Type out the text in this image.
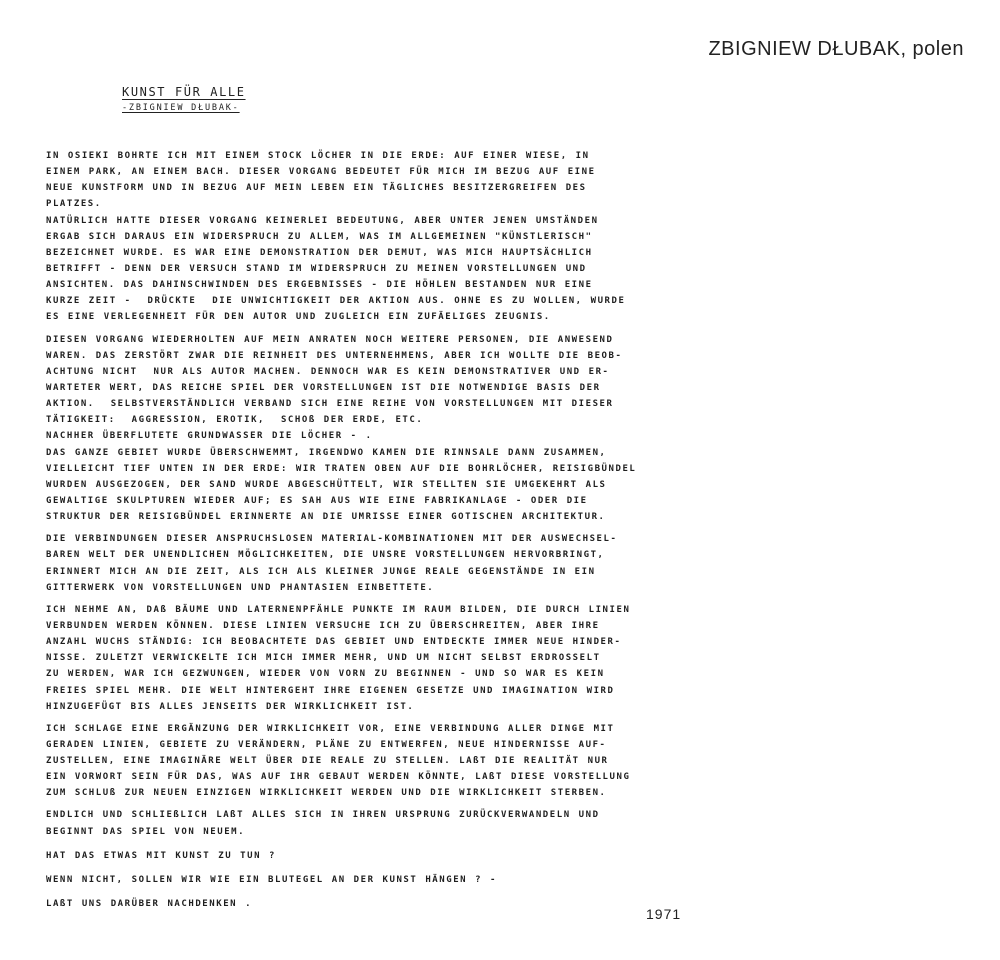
ZBIGNIEW DŁUBAK, polen
KUNST FÜR ALLE
-ZBIGNIEW DŁUBAK-
IN OSIEKI BOHRTE ICH MIT EINEM STOCK LÖCHER IN DIE ERDE: AUF EINER WIESE, IN
EINEM PARK, AN EINEM BACH. DIESER VORGANG BEDEUTET FÜR MICH IM BEZUG AUF EINE
NEUE KUNSTFORM UND IN BEZUG AUF MEIN LEBEN EIN TÄGLICHES BESITZERGREIFEN DES
PLATZES.
NATÜRLICH HATTE DIESER VORGANG KEINERLEI BEDEUTUNG, ABER UNTER JENEN UMSTÄNDEN
ERGAB SICH DARAUS EIN WIDERSPRUCH ZU ALLEM, WAS IM ALLGEMEINEN "KÜNSTLERISCH"
BEZEICHNET WURDE. ES WAR EINE DEMONSTRATION DER DEMUT, WAS MICH HAUPTSÄCHLICH
BETRIFFT - DENN DER VERSUCH STAND IM WIDERSPRUCH ZU MEINEN VORSTELLUNGEN UND
ANSICHTEN. DAS DAHINSCHWINDEN DES ERGEBNISSES - DIE HÖHLEN BESTANDEN NUR EINE
KURZE ZEIT -  DRÜCKTE  DIE UNWICHTIGKEIT DER AKTION AUS. OHNE ES ZU WOLLEN, WURDE
ES EINE VERLEGENHEIT FÜR DEN AUTOR UND ZUGLEICH EIN ZUFÄELIGES ZEUGNIS.
DIESEN VORGANG WIEDERHOLTEN AUF MEIN ANRATEN NOCH WEITERE PERSONEN, DIE ANWESEND
WAREN. DAS ZERSTÖRT ZWAR DIE REINHEIT DES UNTERNEHMENS, ABER ICH WOLLTE DIE BEOB-
ACHTUNG NICHT  NUR ALS AUTOR MACHEN. DENNOCH WAR ES KEIN DEMONSTRATIVER UND ER-
WARTETER WERT, DAS REICHE SPIEL DER VORSTELLUNGEN IST DIE NOTWENDIGE BASIS DER
AKTION.  SELBSTVERSTÄNDLICH VERBAND SICH EINE REIHE VON VORSTELLUNGEN MIT DIESER
TÄTIGKEIT:  AGGRESSION, EROTIK,  SCHOß DER ERDE, ETC.
NACHHER ÜBERFLUTETE GRUNDWASSER DIE LÖCHER - .
DAS GANZE GEBIET WURDE ÜBERSCHWEMMT, IRGENDWO KAMEN DIE RINNSALE DANN ZUSAMMEN,
VIELLEICHT TIEF UNTEN IN DER ERDE: WIR TRATEN OBEN AUF DIE BOHRLÖCHER, REISIGBÜNDEL
WURDEN AUSGEZOGEN, DER SAND WURDE ABGESCHÜTTELT, WIR STELLTEN SIE UMGEKEHRT ALS
GEWALTIGE SKULPTUREN WIEDER AUF; ES SAH AUS WIE EINE FABRIKANLAGE - ODER DIE
STRUKTUR DER REISIGBÜNDEL ERINNERTE AN DIE UMRISSE EINER GOTISCHEN ARCHITEKTUR.
DIE VERBINDUNGEN DIESER ANSPRUCHSLOSEN MATERIAL-KOMBINATIONEN MIT DER AUSWECHSEL-
BAREN WELT DER UNENDLICHEN MÖGLICHKEITEN, DIE UNSRE VORSTELLUNGEN HERVORBRINGT,
ERINNERT MICH AN DIE ZEIT, ALS ICH ALS KLEINER JUNGE REALE GEGENSTÄNDE IN EIN
GITTERWERK VON VORSTELLUNGEN UND PHANTASIEN EINBETTETE.
ICH NEHME AN, DAß BÄUME UND LATERNENPFÄHLE PUNKTE IM RAUM BILDEN, DIE DURCH LINIEN
VERBUNDEN WERDEN KÖNNEN. DIESE LINIEN VERSUCHE ICH ZU ÜBERSCHREITEN, ABER IHRE
ANZAHL WUCHS STÄNDIG: ICH BEOBACHTETE DAS GEBIET UND ENTDECKTE IMMER NEUE HINDER-
NISSE. ZULETZT VERWICKELTE ICH MICH IMMER MEHR, UND UM NICHT SELBST ERDROSSELT
ZU WERDEN, WAR ICH GEZWUNGEN, WIEDER VON VORN ZU BEGINNEN - UND SO WAR ES KEIN
FREIES SPIEL MEHR. DIE WELT HINTERGEHT IHRE EIGENEN GESETZE UND IMAGINATION WIRD
HINZUGEFÜGT BIS ALLES JENSEITS DER WIRKLICHKEIT IST.
ICH SCHLAGE EINE ERGÄNZUNG DER WIRKLICHKEIT VOR, EINE VERBINDUNG ALLER DINGE MIT
GERADEN LINIEN, GEBIETE ZU VERÄNDERN, PLÄNE ZU ENTWERFEN, NEUE HINDERNISSE AUF-
ZUSTELLEN, EINE IMAGINÄRE WELT ÜBER DIE REALE ZU STELLEN. LAßT DIE REALITÄT NUR
EIN VORWORT SEIN FÜR DAS, WAS AUF IHR GEBAUT WERDEN KÖNNTE, LAßT DIESE VORSTELLUNG
ZUM SCHLUß ZUR NEUEN EINZIGEN WIRKLICHKEIT WERDEN UND DIE WIRKLICHKEIT STERBEN.
ENDLICH UND SCHLIEßLICH LAßT ALLES SICH IN IHREN URSPRUNG ZURÜCKVERWANDELN UND
BEGINNT DAS SPIEL VON NEUEM.
HAT DAS ETWAS MIT KUNST ZU TUN ?
WENN NICHT, SOLLEN WIR WIE EIN BLUTEGEL AN DER KUNST HÄNGEN ? -
LAßT UNS DARÜBER NACHDENKEN .
1971
